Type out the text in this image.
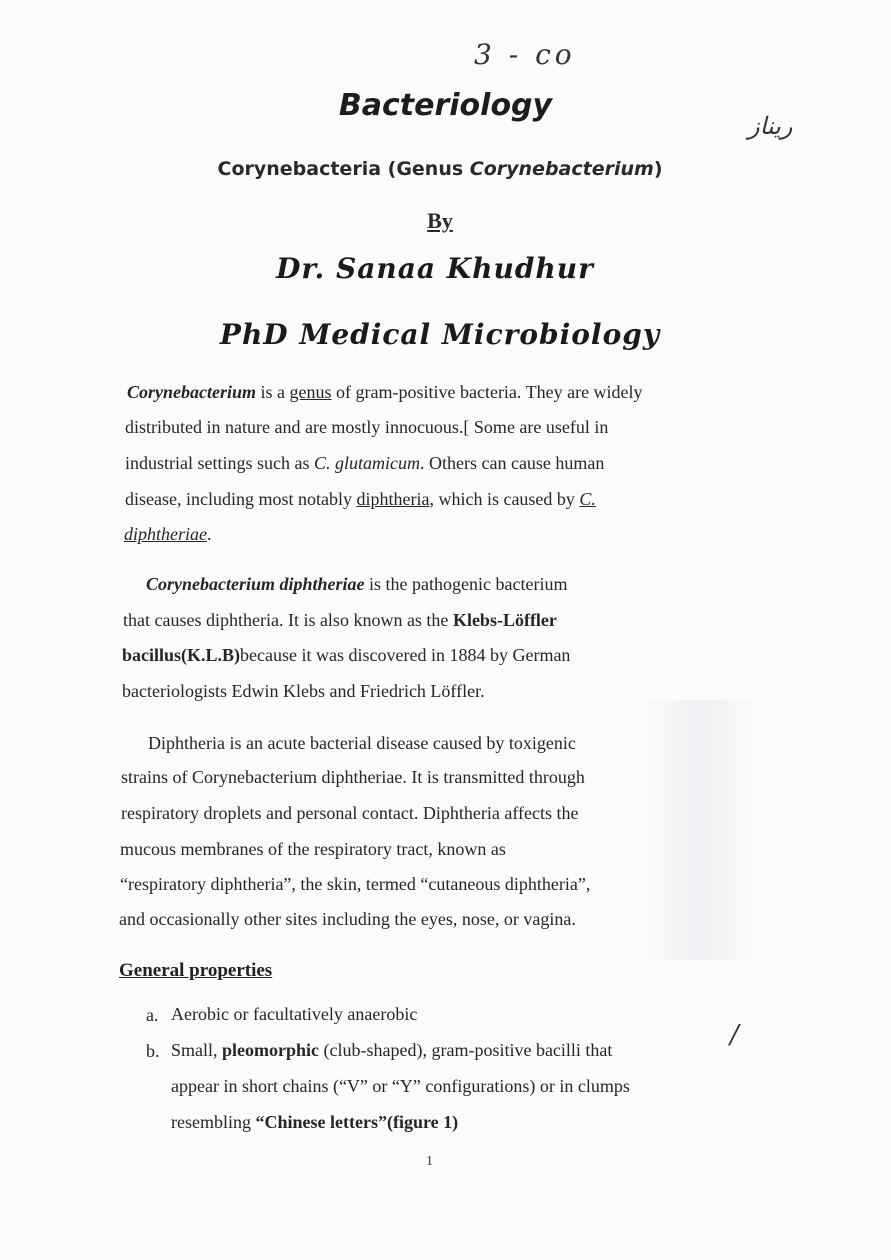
3 - co
ریناز
∕
Bacteriology
Corynebacteria (Genus Corynebacterium)
By
Dr. Sanaa Khudhur
PhD Medical Microbiology
Corynebacterium is a genus of gram-positive bacteria. They are widely
distributed in nature and are mostly innocuous.[ Some are useful in
industrial settings such as C. glutamicum. Others can cause human
disease, including most notably diphtheria, which is caused by C.
diphtheriae.
Corynebacterium diphtheriae is the pathogenic bacterium
that causes diphtheria. It is also known as the Klebs-Löffler
bacillus(K.L.B)because it was discovered in 1884 by German
bacteriologists Edwin Klebs and Friedrich Löffler.
Diphtheria is an acute bacterial disease caused by toxigenic
strains of Corynebacterium diphtheriae. It is transmitted through
respiratory droplets and personal contact. Diphtheria affects the
mucous membranes of the respiratory tract, known as
“respiratory diphtheria”, the skin, termed “cutaneous diphtheria”,
and occasionally other sites including the eyes, nose, or vagina.
General properties
a. Aerobic or facultatively anaerobic
b. Small, pleomorphic (club-shaped), gram-positive bacilli that
appear in short chains (“V” or “Y” configurations) or in clumps
resembling “Chinese letters”(figure 1)
1
